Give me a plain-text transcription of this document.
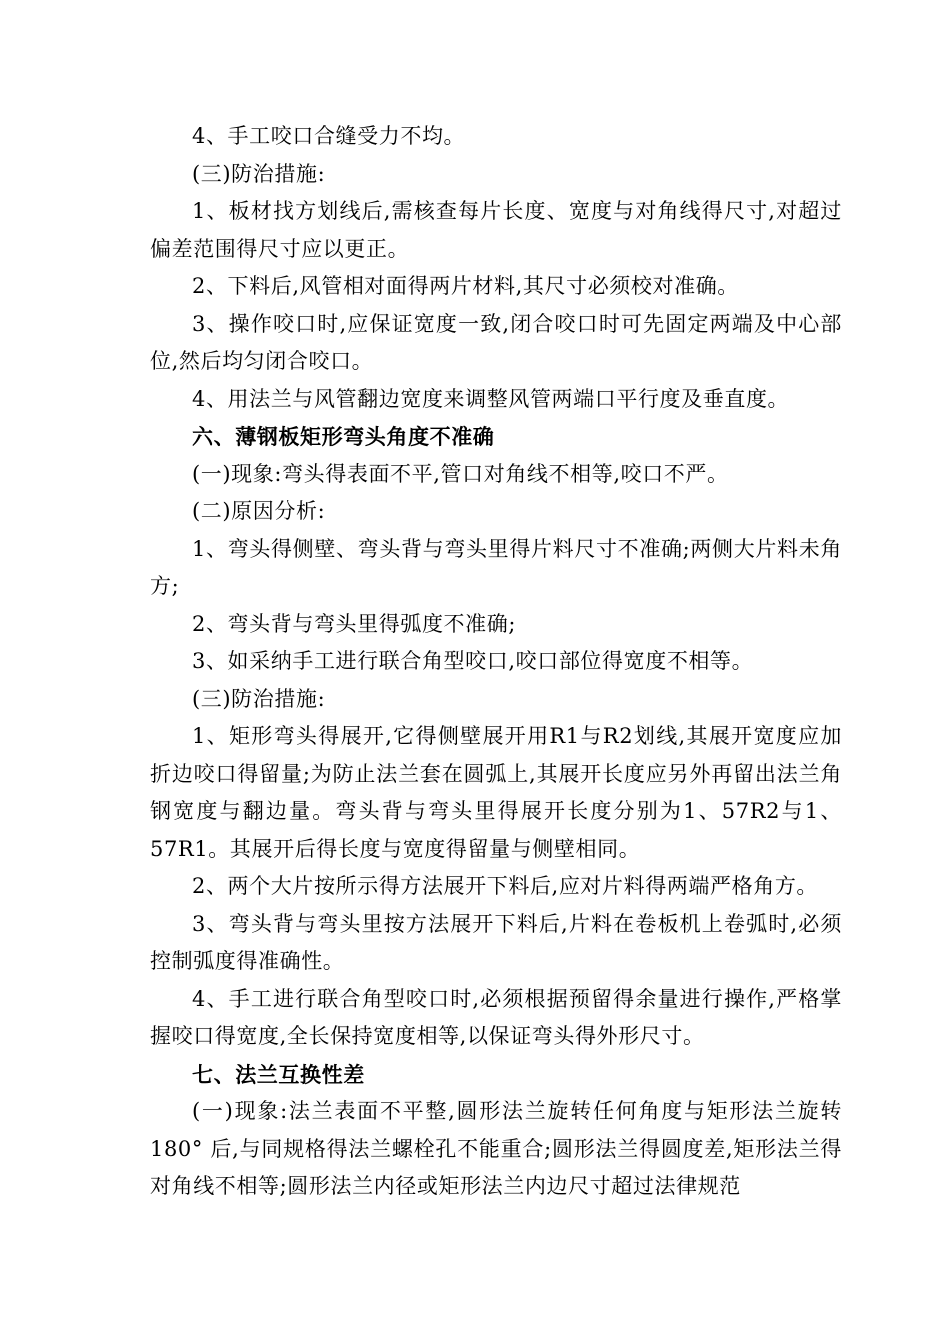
4、手工咬口合缝受力不均。

(三)防治措施:

1、板材找方划线后,需核查每片长度、宽度与对角线得尺寸,对超过偏差范围得尺寸应以更正。

2、下料后,风管相对面得两片材料,其尺寸必须校对准确。

3、操作咬口时,应保证宽度一致,闭合咬口时可先固定两端及中心部位,然后均匀闭合咬口。

4、用法兰与风管翻边宽度来调整风管两端口平行度及垂直度。

六、薄钢板矩形弯头角度不准确

(一)现象:弯头得表面不平,管口对角线不相等,咬口不严。

(二)原因分析:

1、弯头得侧壁、弯头背与弯头里得片料尺寸不准确;两侧大片料未角方;

2、弯头背与弯头里得弧度不准确;

3、如采纳手工进行联合角型咬口,咬口部位得宽度不相等。

(三)防治措施:

1、矩形弯头得展开,它得侧壁展开用R1与R2划线,其展开宽度应加折边咬口得留量;为防止法兰套在圆弧上,其展开长度应另外再留出法兰角钢宽度与翻边量。弯头背与弯头里得展开长度分别为1、57R2与1、57R1。其展开后得长度与宽度得留量与侧壁相同。

2、两个大片按所示得方法展开下料后,应对片料得两端严格角方。

3、弯头背与弯头里按方法展开下料后,片料在卷板机上卷弧时,必须控制弧度得准确性。

4、手工进行联合角型咬口时,必须根据预留得余量进行操作,严格掌握咬口得宽度,全长保持宽度相等,以保证弯头得外形尺寸。

七、法兰互换性差

(一)现象:法兰表面不平整,圆形法兰旋转任何角度与矩形法兰旋转180° 后,与同规格得法兰螺栓孔不能重合;圆形法兰得圆度差,矩形法兰得对角线不相等;圆形法兰内径或矩形法兰内边尺寸超过法律规范
